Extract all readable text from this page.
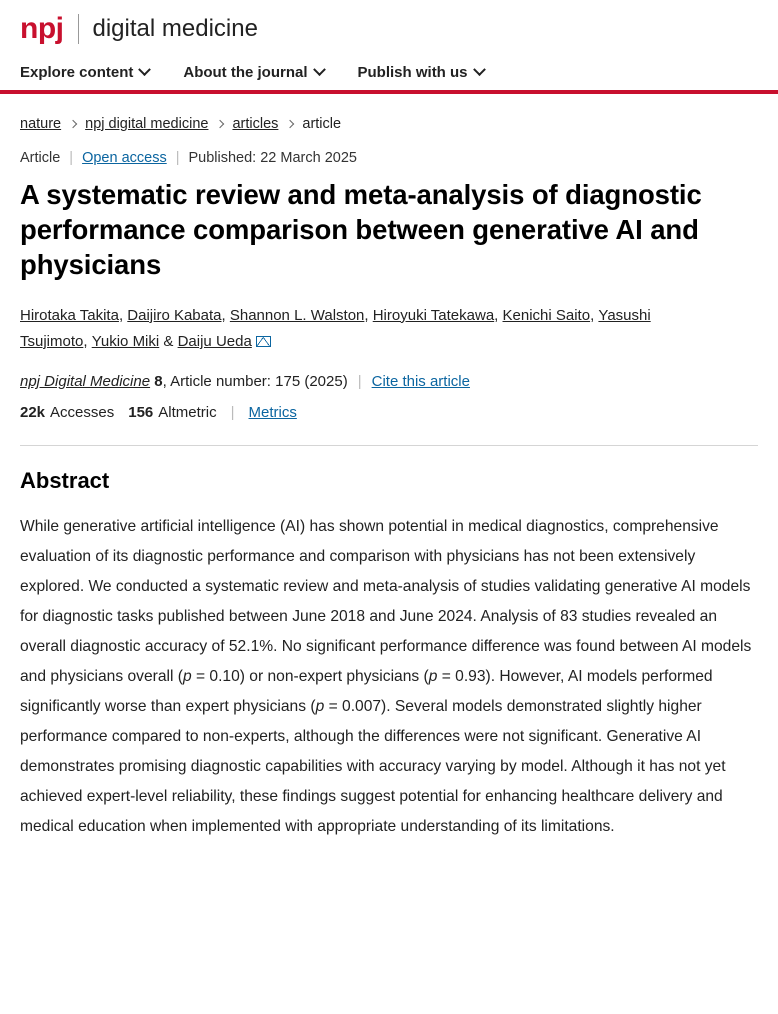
npj digital medicine
Explore content	About the journal	Publish with us
nature npj digital medicine articles article
Article | Open access | Published: 22 March 2025
A systematic review and meta-analysis of diagnostic performance comparison between generative AI and physicians
Hirotaka Takita, Daijiro Kabata, Shannon L. Walston, Hiroyuki Tatekawa, Kenichi Saito, Yasushi Tsujimoto, Yukio Miki & Daiju Ueda
npj Digital Medicine
8 , Article number: 175 (2025) | Cite this article
22k Accesses 156 Altmetric | Metrics
Abstract

While generative artificial intelligence (AI) has shown potential in medical diagnostics, comprehensive evaluation of its diagnostic performance and comparison with physicians has not been extensively explored. We conducted a systematic review and meta-analysis of studies validating generative AI models for diagnostic tasks published between June 2018 and June 2024. Analysis of 83 studies revealed an overall diagnostic accuracy of 52.1%. No significant performance difference was found between AI models and physicians overall (p = 0.10) or non-expert physicians (p = 0.93). However, AI models performed significantly worse than expert physicians (p = 0.007). Several models demonstrated slightly higher performance compared to non-experts, although the differences were not significant. Generative AI demonstrates promising diagnostic capabilities with accuracy varying by model. Although it has not yet achieved expert-level reliability, these findings suggest potential for enhancing healthcare delivery and medical education when implemented with appropriate understanding of its limitations.
